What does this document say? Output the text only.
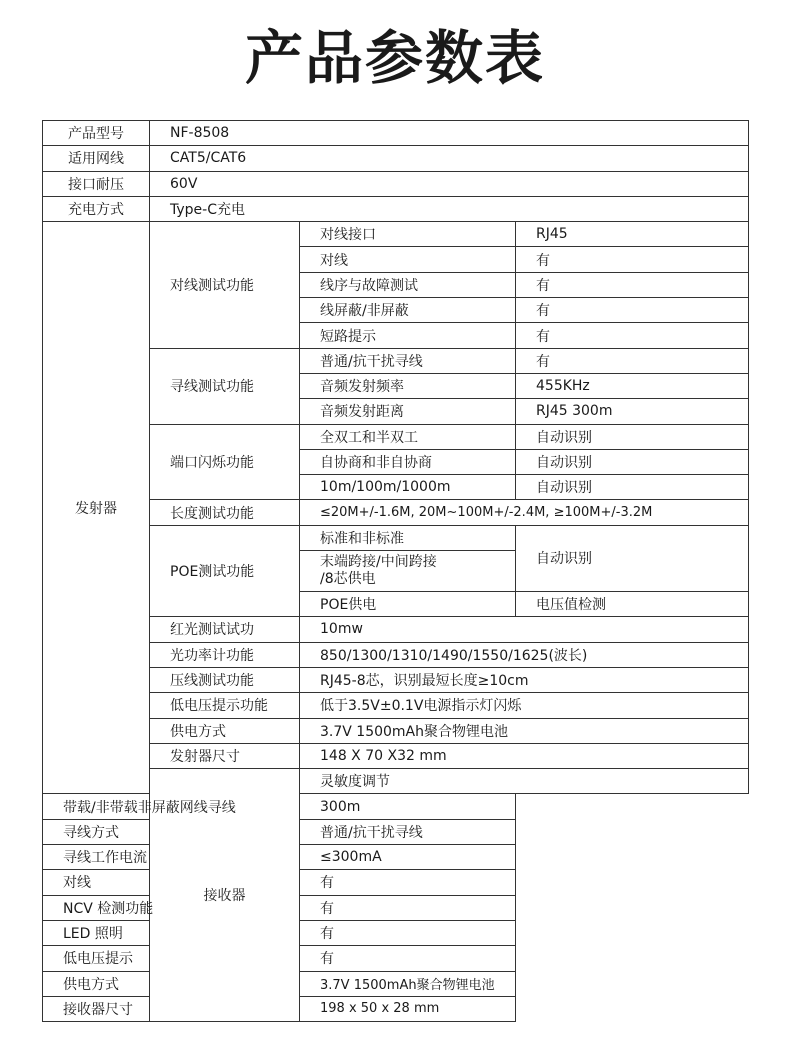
产品参数表
产品型号	NF-8508			
适用网线	CAT5/CAT6			
接口耐压	60V			
充电方式	Type-C充电			
发射器	对线测试功能	对线接口	RJ45	
		对线	有	
		线序与故障测试	有	
		线屏蔽/非屏蔽	有	
		短路提示	有	
	寻线测试功能	普通/抗干扰寻线	有	
		音频发射频率	455KHz	
		音频发射距离	RJ45 300m	
	端口闪烁功能	全双工和半双工	自动识别	
		自协商和非自协商	自动识别	
		10m/100m/1000m	自动识别	
	长度测试功能	≤20M+/-1.6M, 20M~100M+/-2.4M, ≥100M+/-3.2M		
	POE测试功能	标准和非标准	自动识别	
		末端跨接/中间跨接
/8芯供电		
		POE供电	电压值检测	
	红光测试试功	10mw		
	光功率计功能	850/1300/1310/1490/1550/1625(波长)		
	压线测试功能	RJ45-8芯，识别最短长度≥10cm		
	低电压提示功能	低于3.5V±0.1V电源指示灯闪烁		
	供电方式	3.7V 1500mAh聚合物锂电池		
	发射器尺寸	148 X 70 X32 mm		
	接收器	灵敏度调节	
带载/非带载非屏蔽网线寻线		300m		
寻线方式		普通/抗干扰寻线		
寻线工作电流		≤300mA		
对线		有		
NCV 检测功能		有		
LED 照明		有		
低电压提示		有		
供电方式		3.7V 1500mAh聚合物锂电池		
接收器尺寸		198 x 50 x 28 mm		
